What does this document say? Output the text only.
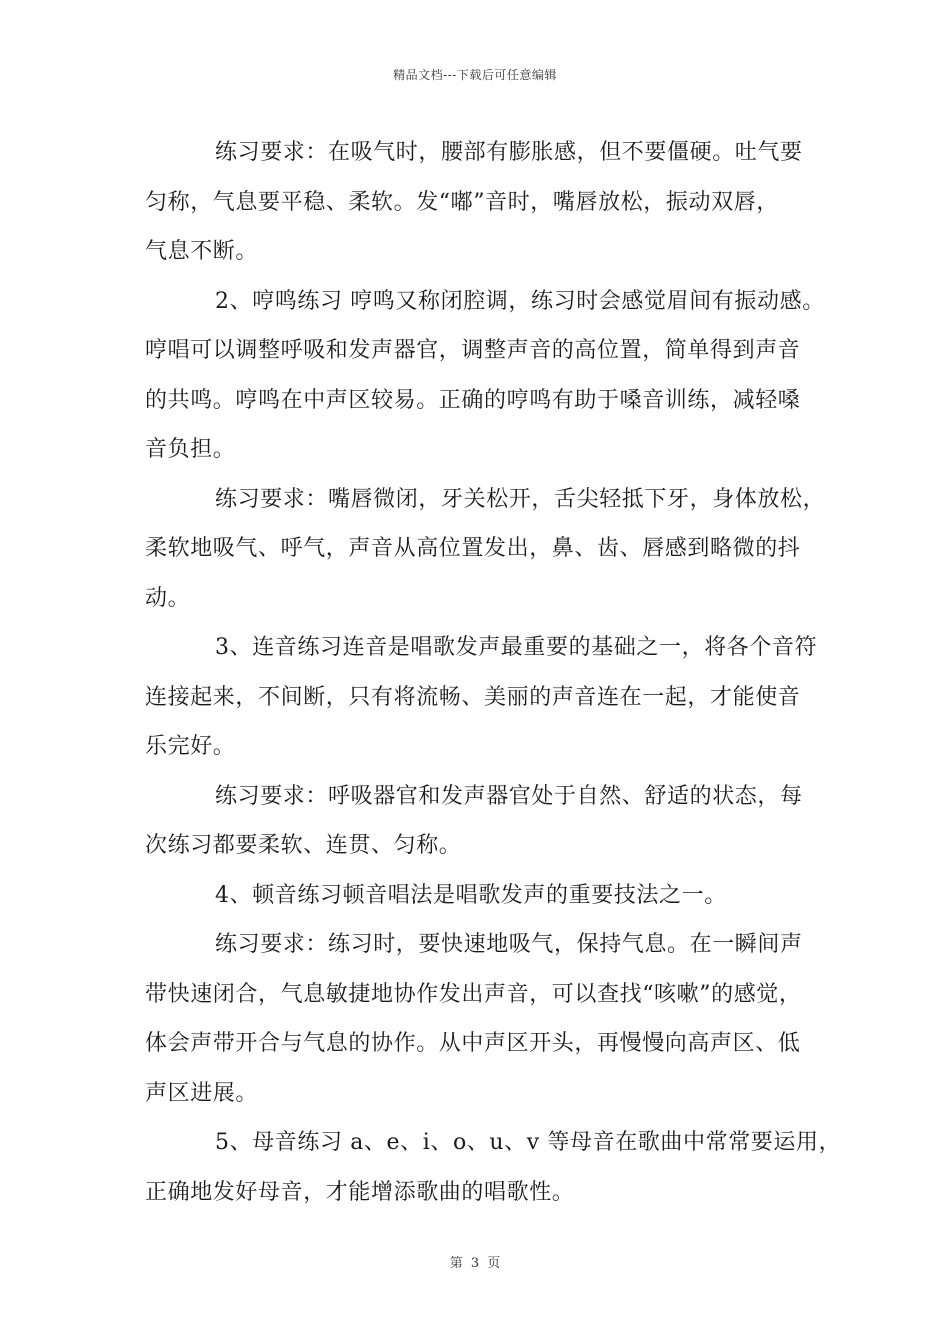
精品文档---下载后可任意编辑
练习要求：在吸气时，腰部有膨胀感，但不要僵硬。吐气要
匀称，气息要平稳、柔软。发“嘟”音时，嘴唇放松，振动双唇，
气息不断。
2、哼鸣练习 哼鸣又称闭腔调，练习时会感觉眉间有振动感。
哼唱可以调整呼吸和发声器官，调整声音的高位置，简单得到声音
的共鸣。哼鸣在中声区较易。正确的哼鸣有助于嗓音训练，减轻嗓
音负担。
练习要求：嘴唇微闭，牙关松开，舌尖轻抵下牙，身体放松，
柔软地吸气、呼气，声音从高位置发出，鼻、齿、唇感到略微的抖
动。
3、连音练习连音是唱歌发声最重要的基础之一，将各个音符
连接起来，不间断，只有将流畅、美丽的声音连在一起，才能使音
乐完好。
练习要求：呼吸器官和发声器官处于自然、舒适的状态，每
次练习都要柔软、连贯、匀称。
4、顿音练习顿音唱法是唱歌发声的重要技法之一。
练习要求：练习时，要快速地吸气，保持气息。在一瞬间声
带快速闭合，气息敏捷地协作发出声音，可以查找“咳嗽”的感觉，
体会声带开合与气息的协作。从中声区开头，再慢慢向高声区、低
声区进展。
5、母音练习 a、e、i、o、u、v 等母音在歌曲中常常要运用，
正确地发好母音，才能增添歌曲的唱歌性。
第 3 页
